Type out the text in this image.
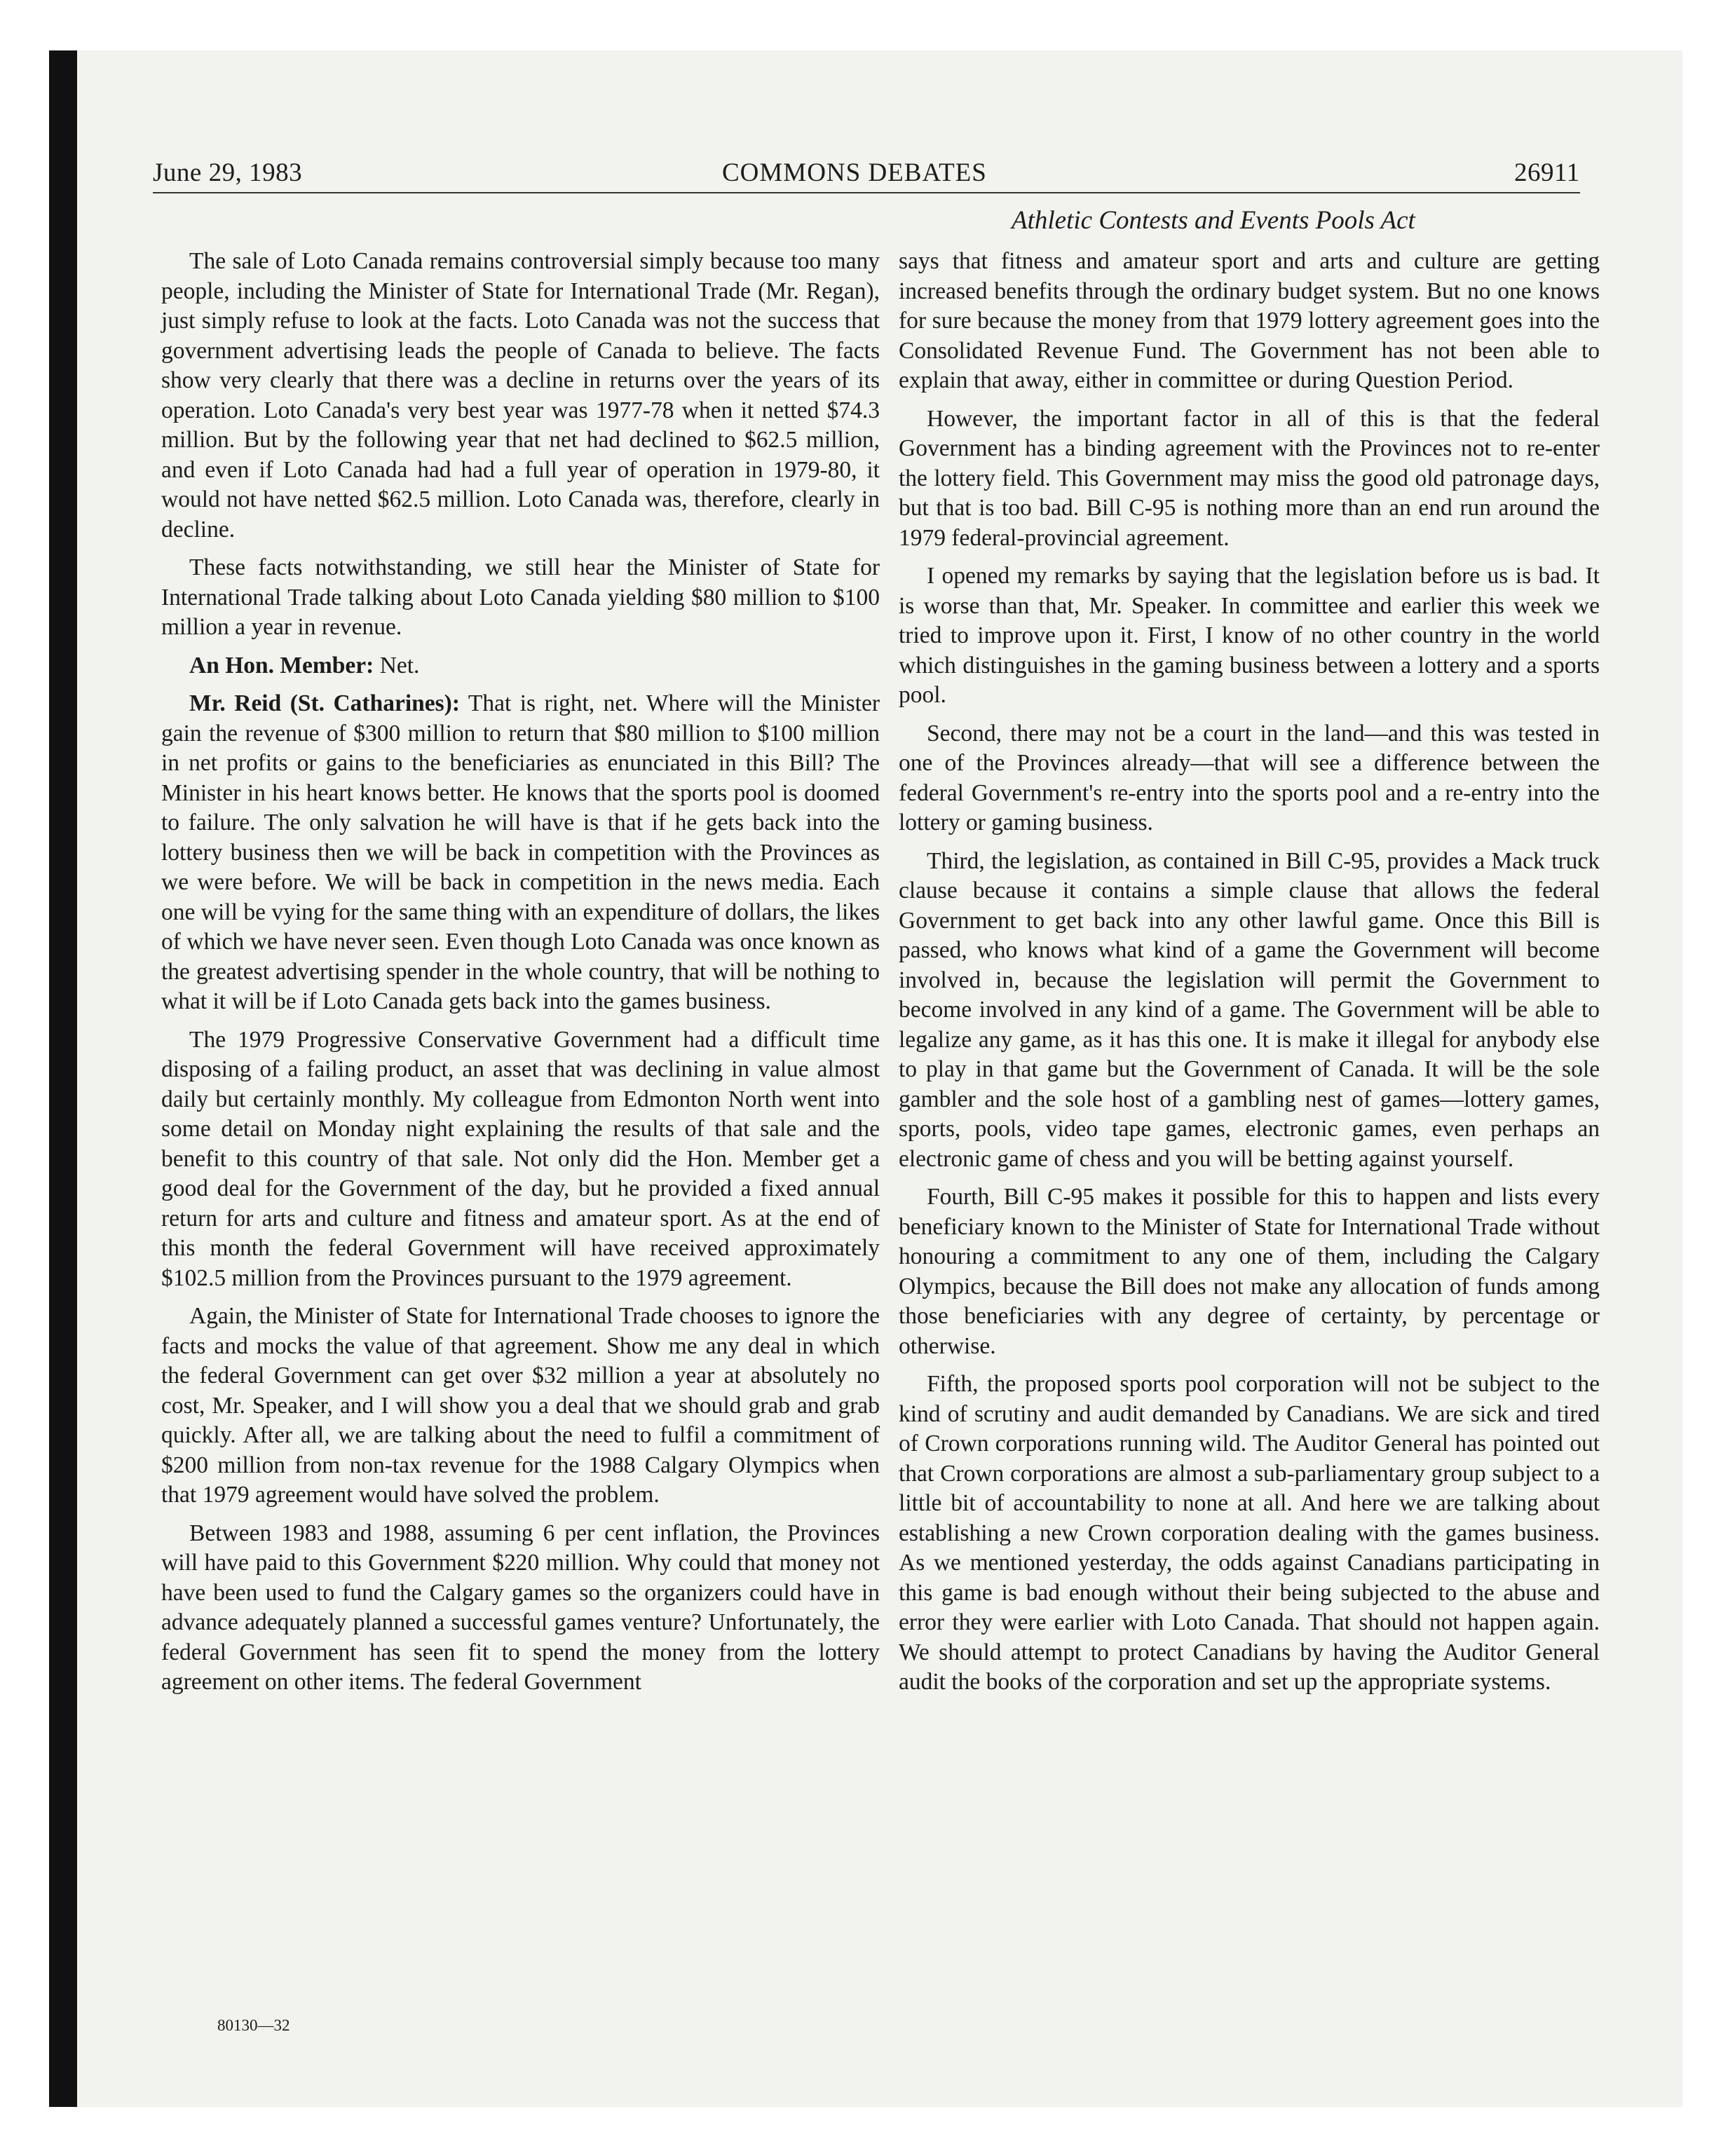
June 29, 1983	COMMONS DEBATES	26911
Athletic Contests and Events Pools Act

The sale of Loto Canada remains controversial simply because too many people, including the Minister of State for International Trade (Mr. Regan), just simply refuse to look at the facts. Loto Canada was not the success that government advertising leads the people of Canada to believe. The facts show very clearly that there was a decline in returns over the years of its operation. Loto Canada's very best year was 1977-78 when it netted $74.3 million. But by the following year that net had declined to $62.5 million, and even if Loto Canada had had a full year of operation in 1979-80, it would not have netted $62.5 million. Loto Canada was, therefore, clearly in decline.

These facts notwithstanding, we still hear the Minister of State for International Trade talking about Loto Canada yielding $80 million to $100 million a year in revenue.

An Hon. Member: Net.

Mr. Reid (St. Catharines): That is right, net. Where will the Minister gain the revenue of $300 million to return that $80 million to $100 million in net profits or gains to the beneficiaries as enunciated in this Bill? The Minister in his heart knows better. He knows that the sports pool is doomed to failure. The only salvation he will have is that if he gets back into the lottery business then we will be back in competition with the Provinces as we were before. We will be back in competition in the news media. Each one will be vying for the same thing with an expenditure of dollars, the likes of which we have never seen. Even though Loto Canada was once known as the greatest advertising spender in the whole country, that will be nothing to what it will be if Loto Canada gets back into the games business.

The 1979 Progressive Conservative Government had a difficult time disposing of a failing product, an asset that was declining in value almost daily but certainly monthly. My colleague from Edmonton North went into some detail on Monday night explaining the results of that sale and the benefit to this country of that sale. Not only did the Hon. Member get a good deal for the Government of the day, but he provided a fixed annual return for arts and culture and fitness and amateur sport. As at the end of this month the federal Government will have received approximately $102.5 million from the Provinces pursuant to the 1979 agreement.

Again, the Minister of State for International Trade chooses to ignore the facts and mocks the value of that agreement. Show me any deal in which the federal Government can get over $32 million a year at absolutely no cost, Mr. Speaker, and I will show you a deal that we should grab and grab quickly. After all, we are talking about the need to fulfil a commitment of $200 million from non-tax revenue for the 1988 Calgary Olympics when that 1979 agreement would have solved the problem.

Between 1983 and 1988, assuming 6 per cent inflation, the Provinces will have paid to this Government $220 million. Why could that money not have been used to fund the Calgary games so the organizers could have in advance adequately planned a successful games venture? Unfortunately, the federal Government has seen fit to spend the money from the lottery agreement on other items. The federal Government

says that fitness and amateur sport and arts and culture are getting increased benefits through the ordinary budget system. But no one knows for sure because the money from that 1979 lottery agreement goes into the Consolidated Revenue Fund. The Government has not been able to explain that away, either in committee or during Question Period.

However, the important factor in all of this is that the federal Government has a binding agreement with the Provinces not to re-enter the lottery field. This Government may miss the good old patronage days, but that is too bad. Bill C-95 is nothing more than an end run around the 1979 federal-provincial agreement.

I opened my remarks by saying that the legislation before us is bad. It is worse than that, Mr. Speaker. In committee and earlier this week we tried to improve upon it. First, I know of no other country in the world which distinguishes in the gaming business between a lottery and a sports pool.

Second, there may not be a court in the land—and this was tested in one of the Provinces already—that will see a difference between the federal Government's re-entry into the sports pool and a re-entry into the lottery or gaming business.

Third, the legislation, as contained in Bill C-95, provides a Mack truck clause because it contains a simple clause that allows the federal Government to get back into any other lawful game. Once this Bill is passed, who knows what kind of a game the Government will become involved in, because the legislation will permit the Government to become involved in any kind of a game. The Government will be able to legalize any game, as it has this one. It is make it illegal for anybody else to play in that game but the Government of Canada. It will be the sole gambler and the sole host of a gambling nest of games—lottery games, sports, pools, video tape games, electronic games, even perhaps an electronic game of chess and you will be betting against yourself.

Fourth, Bill C-95 makes it possible for this to happen and lists every beneficiary known to the Minister of State for International Trade without honouring a commitment to any one of them, including the Calgary Olympics, because the Bill does not make any allocation of funds among those beneficiaries with any degree of certainty, by percentage or otherwise.

Fifth, the proposed sports pool corporation will not be subject to the kind of scrutiny and audit demanded by Canadians. We are sick and tired of Crown corporations running wild. The Auditor General has pointed out that Crown corporations are almost a sub-parliamentary group subject to a little bit of accountability to none at all. And here we are talking about establishing a new Crown corporation dealing with the games business. As we mentioned yesterday, the odds against Canadians participating in this game is bad enough without their being subjected to the abuse and error they were earlier with Loto Canada. That should not happen again. We should attempt to protect Canadians by having the Auditor General audit the books of the corporation and set up the appropriate systems.

80130—32
